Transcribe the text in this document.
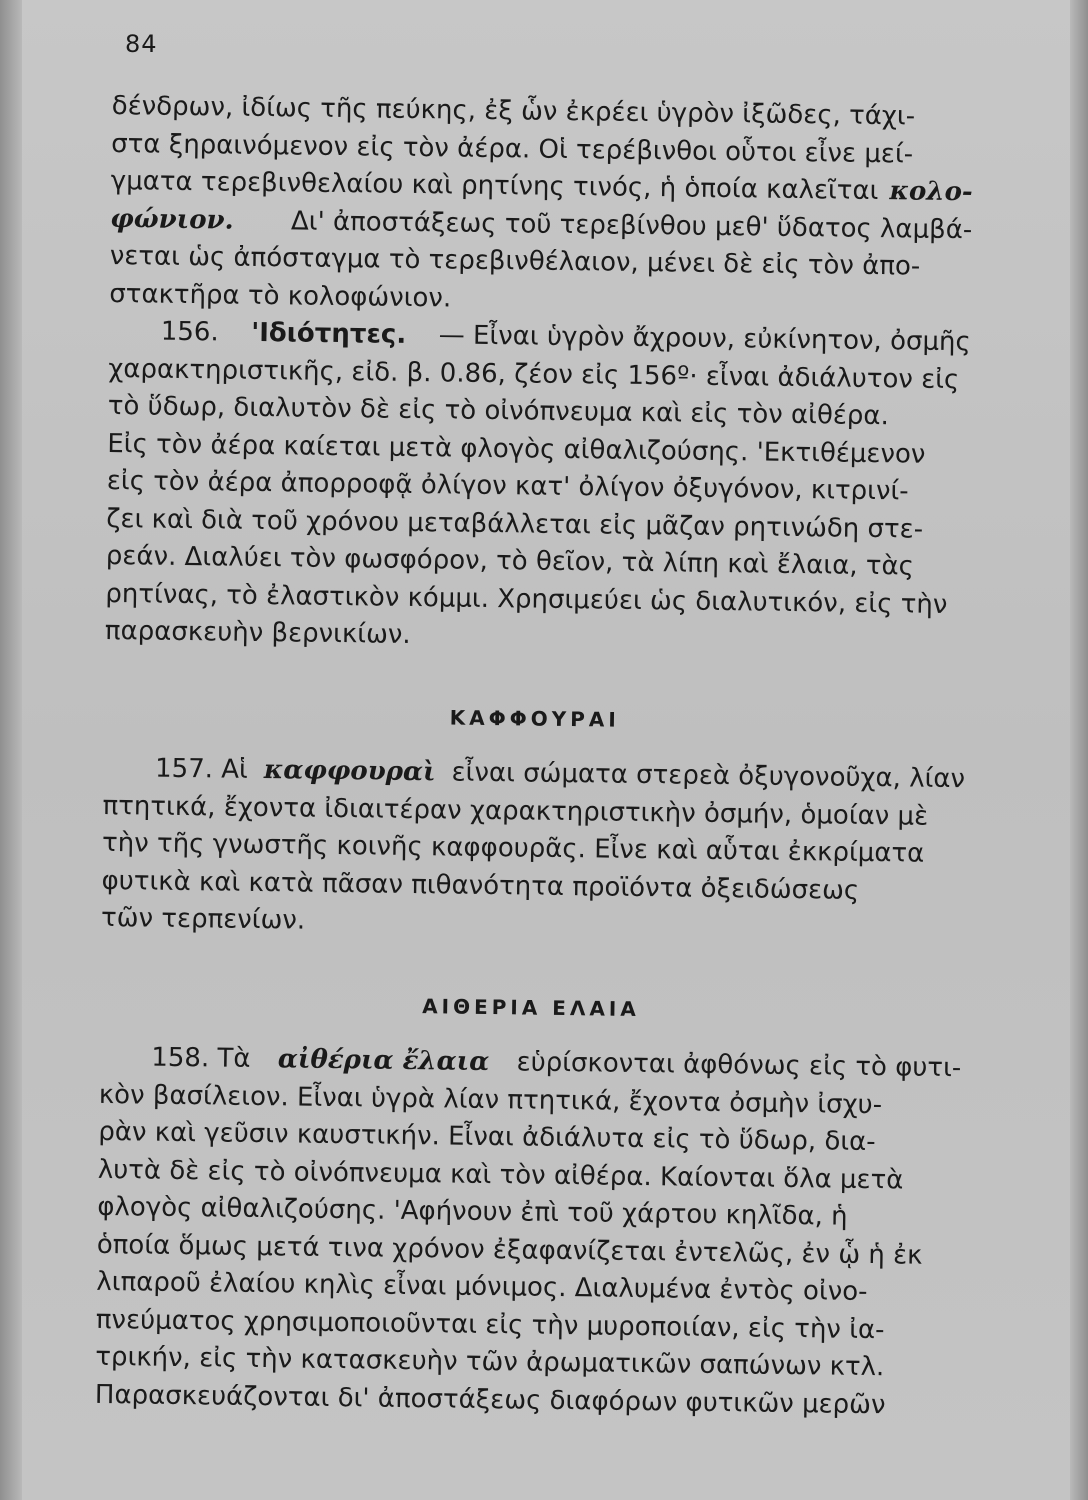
84
δένδρων, ἰδίως τῆς πεύκης, ἐξ ὧν ἐκρέει ὑγρὸν ἰξῶδες, τάχι-
στα ξηραινόμενον εἰς τὸν ἀέρα. Οἱ τερέβινθοι οὗτοι εἶνε μεί-
γματα τερεβινθελαίου καὶ ρητίνης τινός, ἡ ὁποία καλεῖται κολο-
φώνιον. Δι' ἀποστάξεως τοῦ τερεβίνθου μεθ' ὕδατος λαμβά-
νεται ὡς ἀπόσταγμα τὸ τερεβινθέλαιον, μένει δὲ εἰς τὸν ἀπο-
στακτῆρα τὸ κολοφώνιον.
156. 'Ιδιότητες. — Εἶναι ὑγρὸν ἄχρουν, εὐκίνητον, ὀσμῆς
χαρακτηριστικῆς, εἰδ. β. 0.86, ζέον εἰς 156º· εἶναι ἀδιάλυτον εἰς
τὸ ὕδωρ, διαλυτὸν δὲ εἰς τὸ οἰνόπνευμα καὶ εἰς τὸν αἰθέρα.
Εἰς τὸν ἀέρα καίεται μετὰ φλογὸς αἰθαλιζούσης. 'Εκτιθέμενον
εἰς τὸν ἀέρα ἀπορροφᾷ ὀλίγον κατ' ὀλίγον ὀξυγόνον, κιτρινί-
ζει καὶ διὰ τοῦ χρόνου μεταβάλλεται εἰς μᾶζαν ρητινώδη στε-
ρεάν. Διαλύει τὸν φωσφόρον, τὸ θεῖον, τὰ λίπη καὶ ἔλαια, τὰς
ρητίνας, τὸ ἐλαστικὸν κόμμι. Χρησιμεύει ὡς διαλυτικόν, εἰς τὴν
παρασκευὴν βερνικίων.
ΚΑΦΦΟΥΡΑΙ
157. Αἱ καφφουραὶ εἶναι σώματα στερεὰ ὀξυγονοῦχα, λίαν
πτητικά, ἔχοντα ἰδιαιτέραν χαρακτηριστικὴν ὀσμήν, ὁμοίαν μὲ
τὴν τῆς γνωστῆς κοινῆς καφφουρᾶς. Εἶνε καὶ αὗται ἐκκρίματα
φυτικὰ καὶ κατὰ πᾶσαν πιθανότητα προϊόντα ὀξειδώσεως
τῶν τερπενίων.
ΑΙΘΕΡΙΑ ΕΛΑΙΑ
158. Τὰ αἰθέρια ἔλαια εὑρίσκονται ἀφθόνως εἰς τὸ φυτι-
κὸν βασίλειον. Εἶναι ὑγρὰ λίαν πτητικά, ἔχοντα ὀσμὴν ἰσχυ-
ρὰν καὶ γεῦσιν καυστικήν. Εἶναι ἀδιάλυτα εἰς τὸ ὕδωρ, δια-
λυτὰ δὲ εἰς τὸ οἰνόπνευμα καὶ τὸν αἰθέρα. Καίονται ὅλα μετὰ
φλογὸς αἰθαλιζούσης. 'Αφήνουν ἐπὶ τοῦ χάρτου κηλῖδα, ἡ
ὁποία ὅμως μετά τινα χρόνον ἐξαφανίζεται ἐντελῶς, ἐν ᾧ ἡ ἐκ
λιπαροῦ ἐλαίου κηλὶς εἶναι μόνιμος. Διαλυμένα ἐντὸς οἰνο-
πνεύματος χρησιμοποιοῦνται εἰς τὴν μυροποιίαν, εἰς τὴν ἰα-
τρικήν, εἰς τὴν κατασκευὴν τῶν ἀρωματικῶν σαπώνων κτλ.
Παρασκευάζονται δι' ἀποστάξεως διαφόρων φυτικῶν μερῶν
